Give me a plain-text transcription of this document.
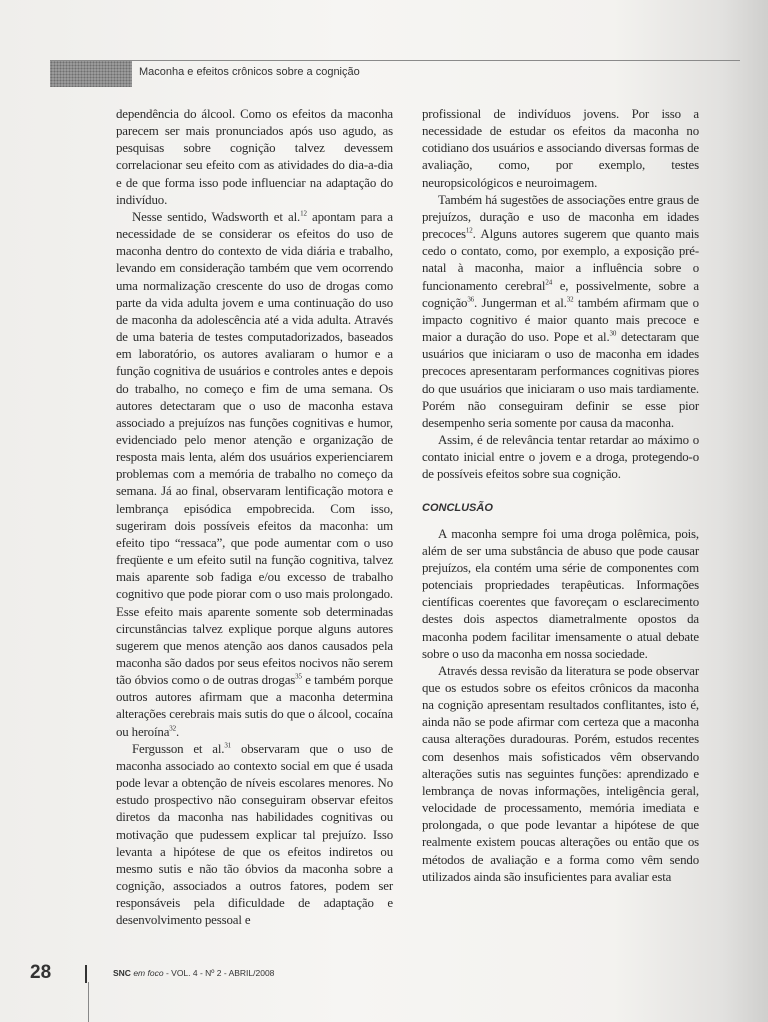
Maconha e efeitos crônicos sobre a cognição

dependência do álcool. Como os efeitos da maconha parecem ser mais pronunciados após uso agudo, as pesquisas sobre cognição talvez devessem correlacionar seu efeito com as atividades do dia-a-dia e de que forma isso pode influenciar na adaptação do indivíduo.

Nesse sentido, Wadsworth et al.$^{12}$ apontam para a necessidade de se considerar os efeitos do uso de maconha dentro do contexto de vida diária e trabalho, levando em consideração também que vem ocorrendo uma normalização crescente do uso de drogas como parte da vida adulta jovem e uma continuação do uso de maconha da adolescência até a vida adulta. Através de uma bateria de testes computadorizados, baseados em laboratório, os autores avaliaram o humor e a função cognitiva de usuários e controles antes e depois do trabalho, no começo e fim de uma semana. Os autores detectaram que o uso de maconha estava associado a prejuízos nas funções cognitivas e humor, evidenciado pelo menor atenção e organização de resposta mais lenta, além dos usuários experienciarem problemas com a memória de trabalho no começo da semana. Já ao final, observaram lentificação motora e lembrança episódica empobrecida. Com isso, sugeriram dois possíveis efeitos da maconha: um efeito tipo “ressaca”, que pode aumentar com o uso freqüente e um efeito sutil na função cognitiva, talvez mais aparente sob fadiga e/ou excesso de trabalho cognitivo que pode piorar com o uso mais prolongado. Esse efeito mais aparente somente sob determinadas circunstâncias talvez explique porque alguns autores sugerem que menos atenção aos danos causados pela maconha são dados por seus efeitos nocivos não serem tão óbvios como o de outras drogas$^{35}$ e também porque outros autores afirmam que a maconha determina alterações cerebrais mais sutis do que o álcool, cocaína ou heroína$^{32}$.

Fergusson et al.$^{31}$ observaram que o uso de maconha associado ao contexto social em que é usada pode levar a obtenção de níveis escolares menores. No estudo prospectivo não conseguiram observar efeitos diretos da maconha nas habilidades cognitivas ou motivação que pudessem explicar tal prejuízo. Isso levanta a hipótese de que os efeitos indiretos ou mesmo sutis e não tão óbvios da maconha sobre a cognição, associados a outros fatores, podem ser responsáveis pela dificuldade de adaptação e desenvolvimento pessoal e

profissional de indivíduos jovens. Por isso a necessidade de estudar os efeitos da maconha no cotidiano dos usuários e associando diversas formas de avaliação, como, por exemplo, testes neuropsicológicos e neuroimagem.

Também há sugestões de associações entre graus de prejuízos, duração e uso de maconha em idades precoces$^{12}$. Alguns autores sugerem que quanto mais cedo o contato, como, por exemplo, a exposição pré-natal à maconha, maior a influência sobre o funcionamento cerebral$^{24}$ e, possivelmente, sobre a cognição$^{36}$. Jungerman et al.$^{32}$ também afirmam que o impacto cognitivo é maior quanto mais precoce e maior a duração do uso. Pope et al.$^{30}$ detectaram que usuários que iniciaram o uso de maconha em idades precoces apresentaram performances cognitivas piores do que usuários que iniciaram o uso mais tardiamente. Porém não conseguiram definir se esse pior desempenho seria somente por causa da maconha.

Assim, é de relevância tentar retardar ao máximo o contato inicial entre o jovem e a droga, protegendo-o de possíveis efeitos sobre sua cognição.

CONCLUSÃO

A maconha sempre foi uma droga polêmica, pois, além de ser uma substância de abuso que pode causar prejuízos, ela contém uma série de componentes com potenciais propriedades terapêuticas. Informações científicas coerentes que favoreçam o esclarecimento destes dois aspectos diametralmente opostos da maconha podem facilitar imensamente o atual debate sobre o uso da maconha em nossa sociedade.

Através dessa revisão da literatura se pode observar que os estudos sobre os efeitos crônicos da maconha na cognição apresentam resultados conflitantes, isto é, ainda não se pode afirmar com certeza que a maconha causa alterações duradouras. Porém, estudos recentes com desenhos mais sofisticados vêm observando alterações sutis nas seguintes funções: aprendizado e lembrança de novas informações, inteligência geral, velocidade de processamento, memória imediata e prolongada, o que pode levantar a hipótese de que realmente existem poucas alterações ou então que os métodos de avaliação e a forma como vêm sendo utilizados ainda são insuficientes para avaliar esta

28	SNC em foco - VOL. 4 - Nº 2 - ABRIL/2008
